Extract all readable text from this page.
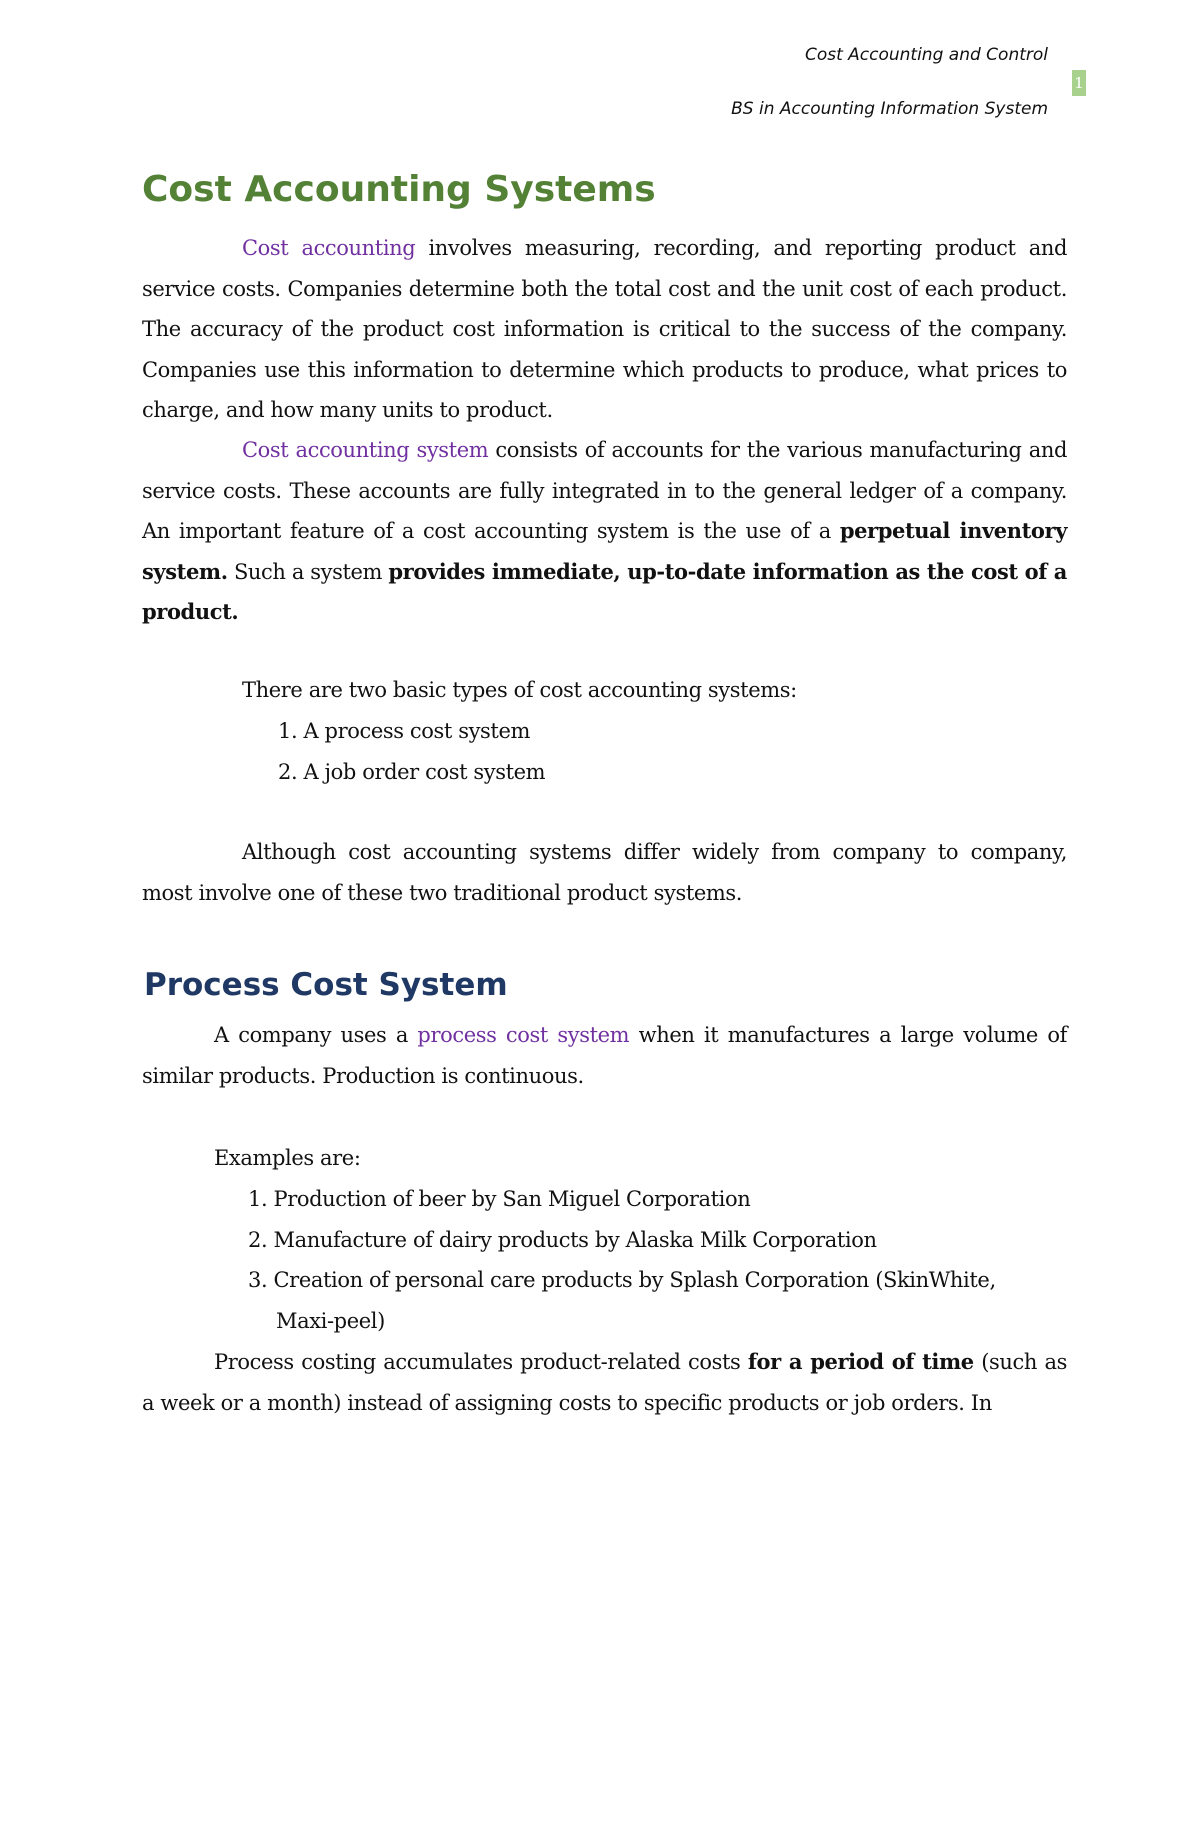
Cost Accounting and Control
BS in Accounting Information System
1
Cost Accounting Systems

Cost accounting involves measuring, recording, and reporting product and service costs. Companies determine both the total cost and the unit cost of each product. The accuracy of the product cost information is critical to the success of the company. Companies use this information to determine which products to produce, what prices to charge, and how many units to product.

Cost accounting system consists of accounts for the various manufacturing and service costs. These accounts are fully integrated in to the general ledger of a company. An important feature of a cost accounting system is the use of a perpetual inventory system. Such a system provides immediate, up-to-date information as the cost of a product.

There are two basic types of cost accounting systems:
1. A process cost system
2. A job order cost system

Although cost accounting systems differ widely from company to company, most involve one of these two traditional product systems.

Process Cost System

A company uses a process cost system when it manufactures a large volume of similar products. Production is continuous.

Examples are:
1. Production of beer by San Miguel Corporation
2. Manufacture of dairy products by Alaska Milk Corporation
3. Creation of personal care products by Splash Corporation (SkinWhite,
Maxi-peel)

Process costing accumulates product-related costs for a period of time (such as a week or a month) instead of assigning costs to specific products or job orders. In
